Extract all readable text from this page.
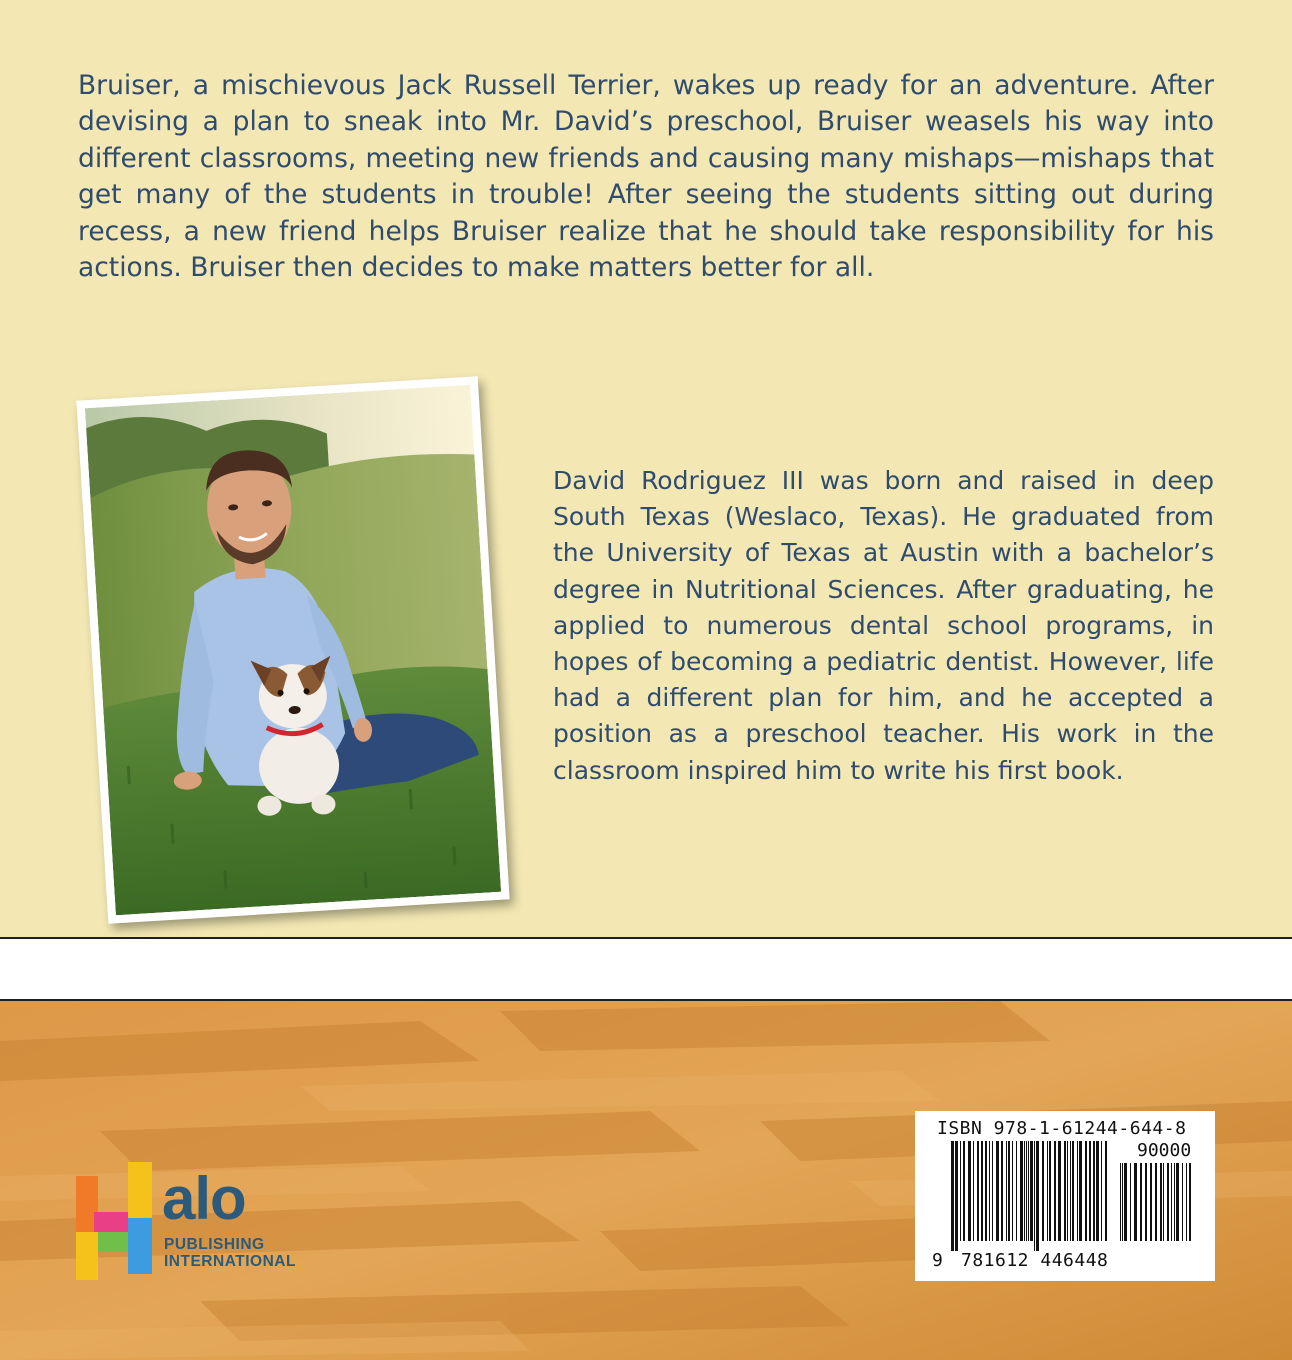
Bruiser, a mischievous Jack Russell Terrier, wakes up ready for an adventure. After devising a plan to sneak into Mr. David’s preschool, Bruiser weasels his way into different classrooms, meeting new friends and causing many mishaps—mishaps that get many of the students in trouble! After seeing the students sitting out during recess, a new friend helps Bruiser realize that he should take responsibility for his actions. Bruiser then decides to make matters better for all.

David Rodriguez III was born and raised in deep South Texas (Weslaco, Texas). He graduated from the University of Texas at Austin with a bachelor’s degree in Nutritional Sciences. After graduating, he applied to numerous dental school programs, in hopes of becoming a pediatric dentist. However, life had a different plan for him, and he accepted a position as a preschool teacher. His work in the classroom inspired him to write his first book.

alo
PUBLISHING
INTERNATIONAL
ISBN 978-1-61244-644-8
90000
9 781612 446448
